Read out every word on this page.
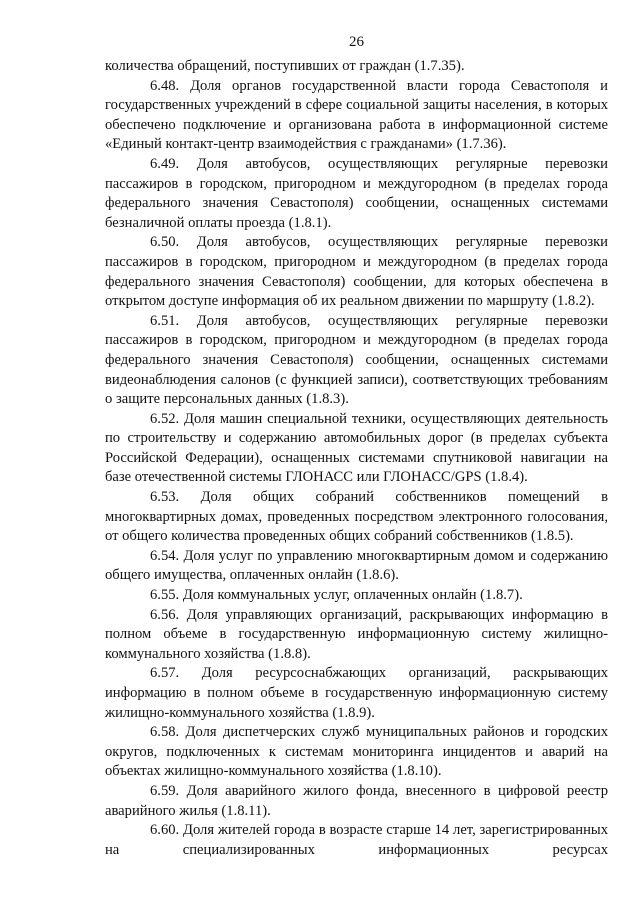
26

количества обращений, поступивших от граждан (1.7.35).

6.48. Доля органов государственной власти города Севастополя и государственных учреждений в сфере социальной защиты населения, в которых обеспечено подключение и организована работа в информационной системе «Единый контакт-центр взаимодействия с гражданами» (1.7.36).

6.49. Доля автобусов, осуществляющих регулярные перевозки пассажиров в городском, пригородном и междугородном (в пределах города федерального значения Севастополя) сообщении, оснащенных системами безналичной оплаты проезда (1.8.1).

6.50. Доля автобусов, осуществляющих регулярные перевозки пассажиров в городском, пригородном и междугородном (в пределах города федерального значения Севастополя) сообщении, для которых обеспечена в открытом доступе информация об их реальном движении по маршруту (1.8.2).

6.51. Доля автобусов, осуществляющих регулярные перевозки пассажиров в городском, пригородном и междугородном (в пределах города федерального значения Севастополя) сообщении, оснащенных системами видеонаблюдения салонов (с функцией записи), соответствующих требованиям о защите персональных данных (1.8.3).

6.52. Доля машин специальной техники, осуществляющих деятельность по строительству и содержанию автомобильных дорог (в пределах субъекта Российской Федерации), оснащенных системами спутниковой навигации на базе отечественной системы ГЛОНАСС или ГЛОНАСС/GPS (1.8.4).

6.53. Доля общих собраний собственников помещений в многоквартирных домах, проведенных посредством электронного голосования, от общего количества проведенных общих собраний собственников (1.8.5).

6.54. Доля услуг по управлению многоквартирным домом и содержанию общего имущества, оплаченных онлайн (1.8.6).

6.55. Доля коммунальных услуг, оплаченных онлайн (1.8.7).

6.56. Доля управляющих организаций, раскрывающих информацию в полном объеме в государственную информационную систему жилищно-коммунального хозяйства (1.8.8).

6.57. Доля ресурсоснабжающих организаций, раскрывающих информацию в полном объеме в государственную информационную систему жилищно-коммунального хозяйства (1.8.9).

6.58. Доля диспетчерских служб муниципальных районов и городских округов, подключенных к системам мониторинга инцидентов и аварий на объектах жилищно-коммунального хозяйства (1.8.10).

6.59. Доля аварийного жилого фонда, внесенного в цифровой реестр аварийного жилья (1.8.11).

6.60. Доля жителей города в возрасте старше 14 лет, зарегистрированных на специализированных информационных ресурсах
